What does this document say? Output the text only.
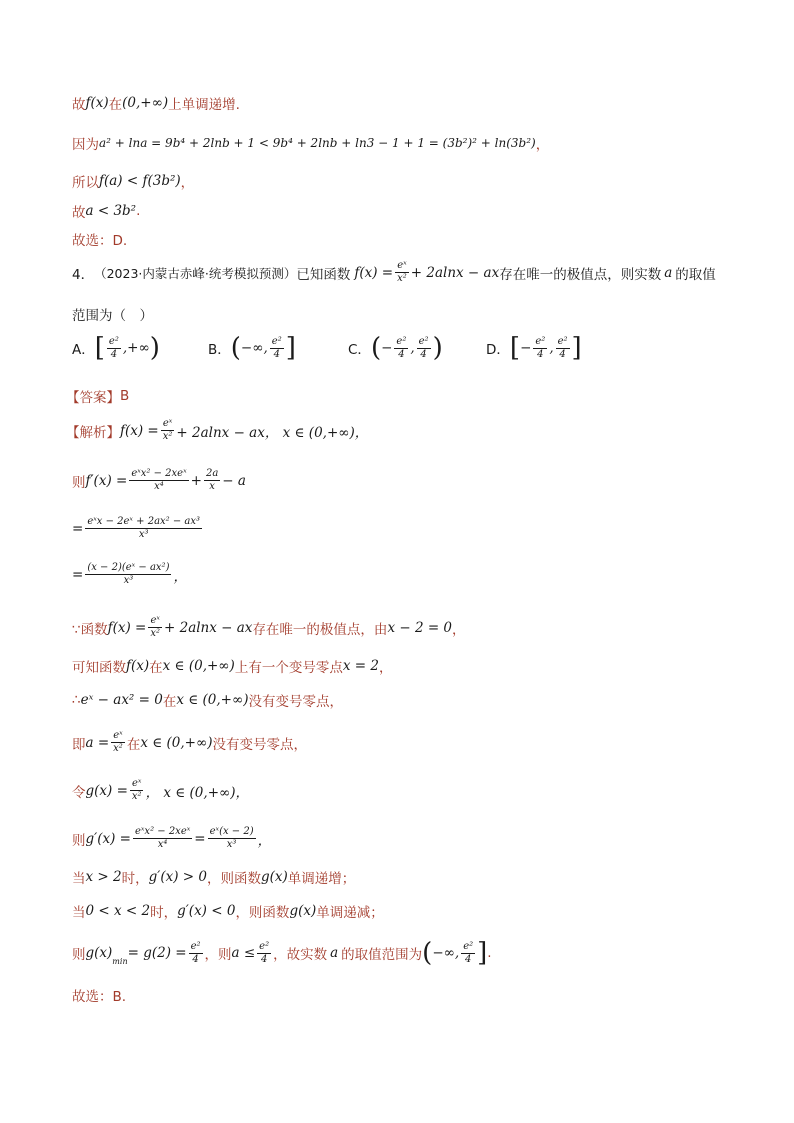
故 f(x) 在 (0,+∞) 上单调递增.
因为 a² + lna = 9b⁴ + 2lnb + 1 < 9b⁴ + 2lnb + ln3 − 1 + 1 = (3b²)² + ln(3b²) ，
所以 f(a) < f(3b²) ，
故 a < 3b² .
故选：D.
4． （2023·内蒙古赤峰·统考模拟预测） 已知函数 $f(x) = \frac{\text{eˣ}}{\text{x²}} + 2alnx$ − ax 存在唯一的极值点，则实数 a 的取值
范围为（　）
A． [ $\frac{\text{e²}}{4}$ ,+∞ )	B． ( −∞, $\frac{\text{e²}}{4}$ ]	C． ( − $\frac{\text{e²}}{4}$ , $\frac{\text{e²}}{4}$ )	D． [ − $\frac{\text{e²}}{4}$ , $\frac{\text{e²}}{4}$ ]
【答案】 B
【解析】 $f(x) = \frac{\text{eˣ}}{\text{x²}} + 2alnx$ − ax， x ∈ (0,+∞)，
则 $f'(x) = \frac{\text{eˣx² − 2xeˣ}}{\text{x⁴}} + \frac{2a}{x} - a$
= $\frac{\text{eˣx − 2eˣ + 2ax² − ax³}}{\text{x³}}$
= $\frac{\text{(x − 2)(eˣ − ax²)}}{\text{x³}}$ ，
∵函数 $f(x) = \frac{\text{eˣ}}{\text{x²}} + 2alnx$ − ax 存在唯一的极值点，由 x − 2 = 0 ，
可知函数 f(x) 在 x ∈ (0,+∞) 上有一个变号零点 x = 2 ，
∴ eˣ − ax² = 0 在 x ∈ (0,+∞) 没有变号零点，
即 $a = \frac{\text{eˣ}}{\text{x²}}$ 在 x ∈ (0,+∞) 没有变号零点，
令 $g(x) = \frac{\text{eˣ}}{\text{x²}}$ ， x ∈ (0,+∞)，
则 $g'(x) = \frac{\text{eˣx² − 2xeˣ}}{\text{x⁴}} = \frac{\text{eˣ(x − 2)}}{\text{x³}}$ ，
当 x > 2 时， g′(x) > 0 ，则函数 g(x) 单调递增；
当 0 < x < 2 时， g′(x) < 0 ，则函数 g(x) 单调递减；
则 g(x)
min
= $g(2) = \frac{\text{e²}}{4}$ ，则 $a \le \frac{\text{e²}}{4}$ ，故实数 a 的取值范围为 ( −∞, $\frac{\text{e²}}{4}$ ] .
故选：B.
